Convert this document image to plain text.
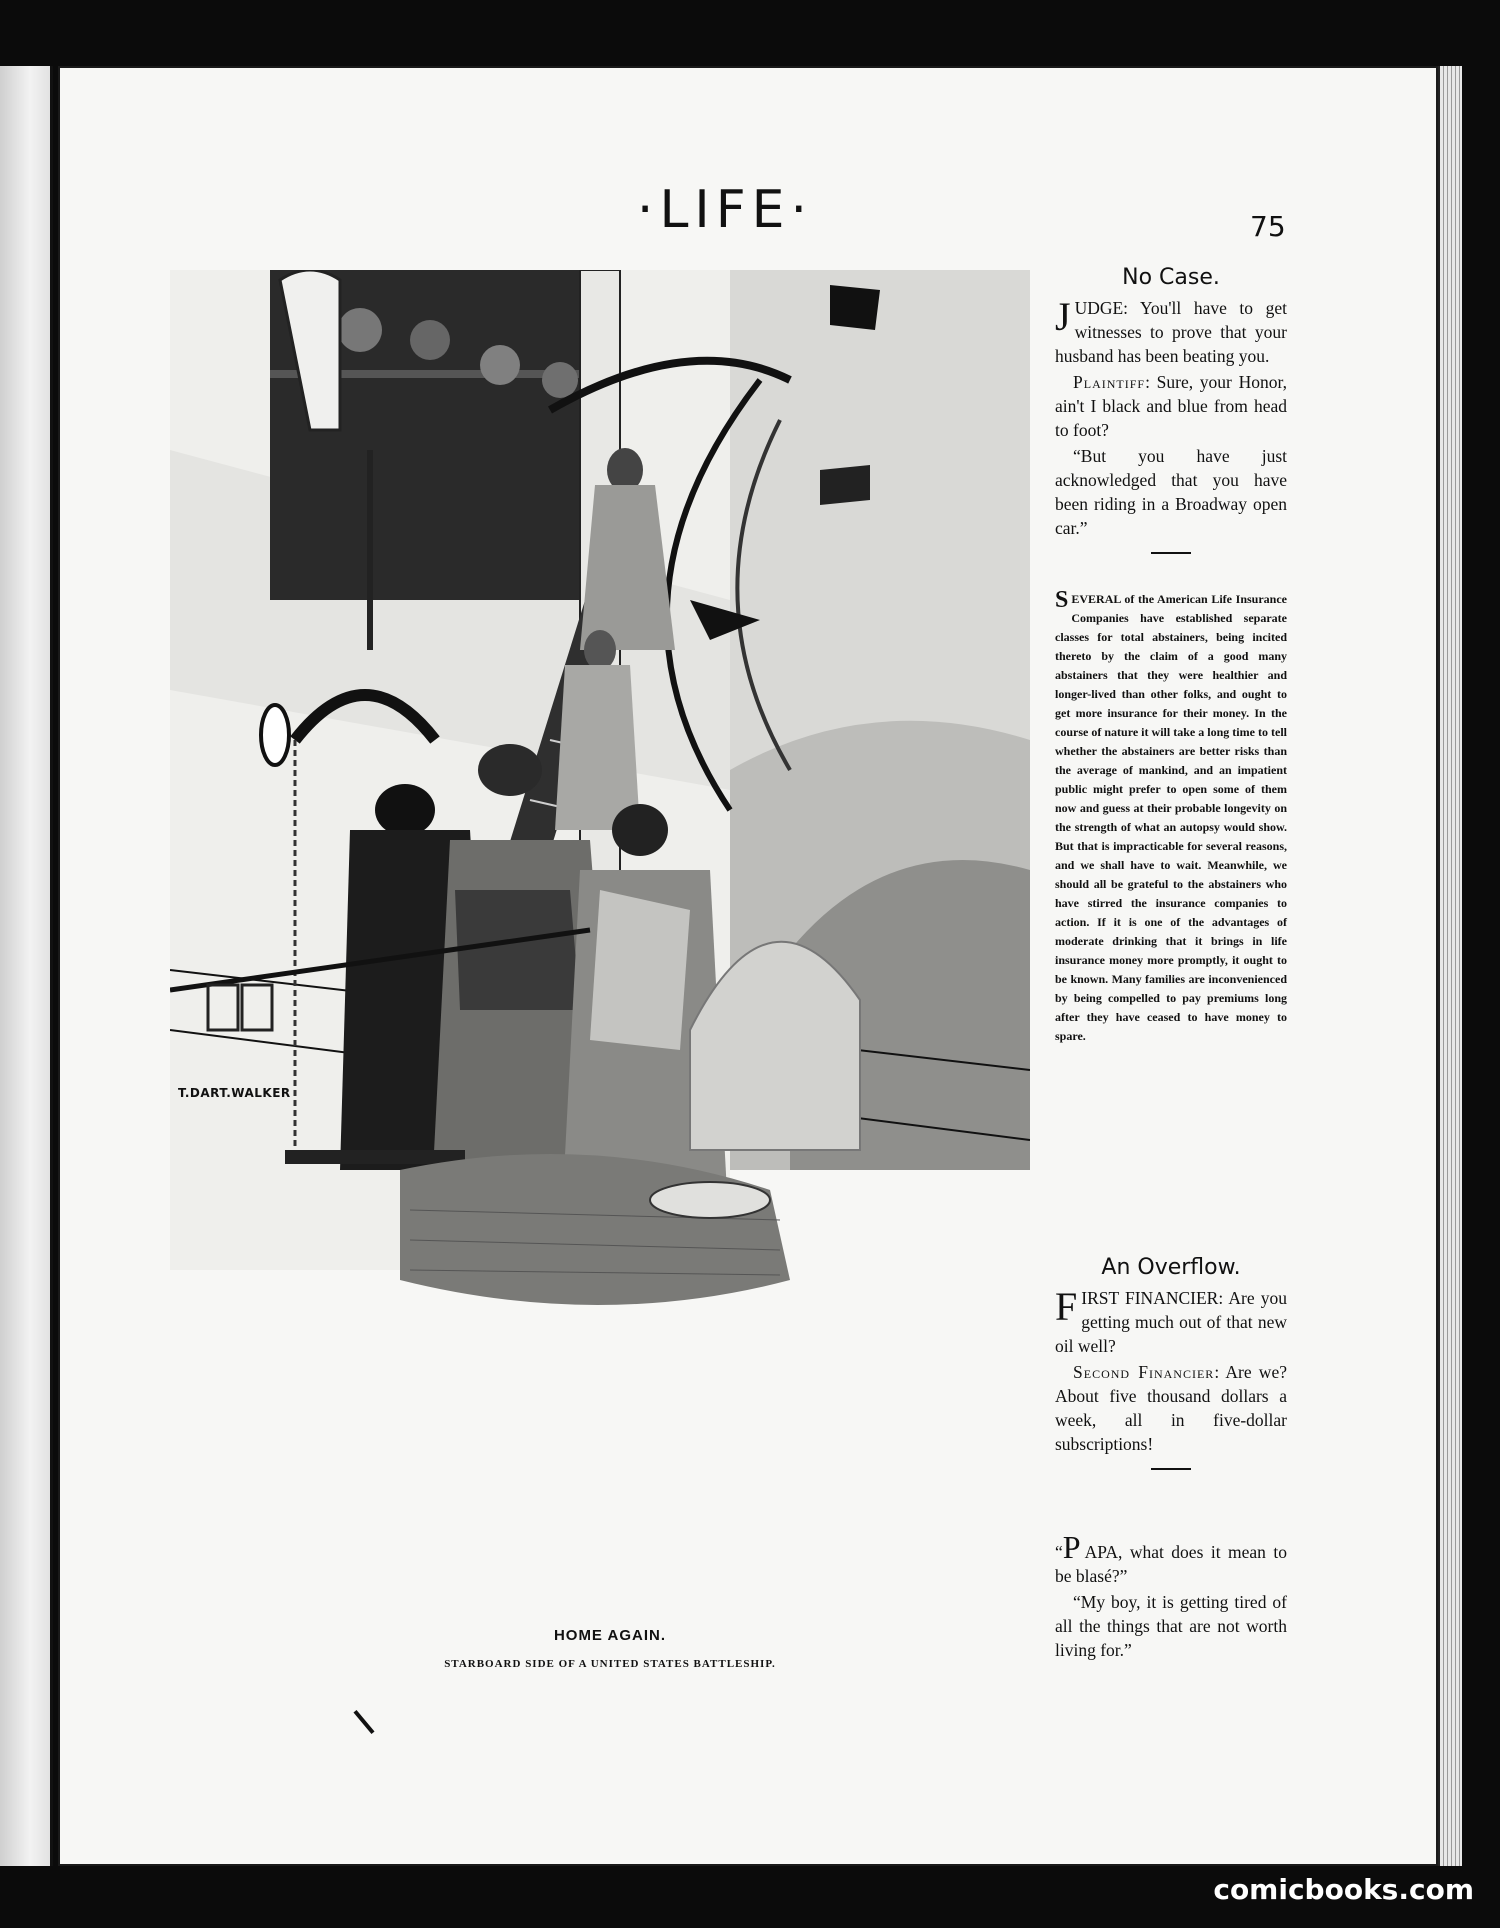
·LIFE·	75
T.DART.WALKER
HOME AGAIN.
STARBOARD SIDE OF A UNITED STATES BATTLESHIP.
No Case.

JUDGE: You'll have to get witnesses to prove that your husband has been beating you.

Plaintiff: Sure, your Honor, ain't I black and blue from head to foot?

“But you have just acknowledged that you have been riding in a Broadway open car.”

SEVERAL of the American Life Insurance Companies have established separate classes for total abstainers, being incited thereto by the claim of a good many abstainers that they were healthier and longer-lived than other folks, and ought to get more insurance for their money. In the course of nature it will take a long time to tell whether the abstainers are better risks than the average of mankind, and an impatient public might prefer to open some of them now and guess at their probable longevity on the strength of what an autopsy would show. But that is impracticable for several reasons, and we shall have to wait. Meanwhile, we should all be grateful to the abstainers who have stirred the insurance companies to action. If it is one of the advantages of moderate drinking that it brings in life insurance money more promptly, it ought to be known. Many families are inconvenienced by being compelled to pay premiums long after they have ceased to have money to spare.

An Overflow.

FIRST FINANCIER: Are you getting much out of that new oil well?

Second Financier: Are we? About five thousand dollars a week, all in five-dollar subscriptions!

“P APA, what does it mean to be blasé?”

“My boy, it is getting tired of all the things that are not worth living for.”

comicbooks.com
